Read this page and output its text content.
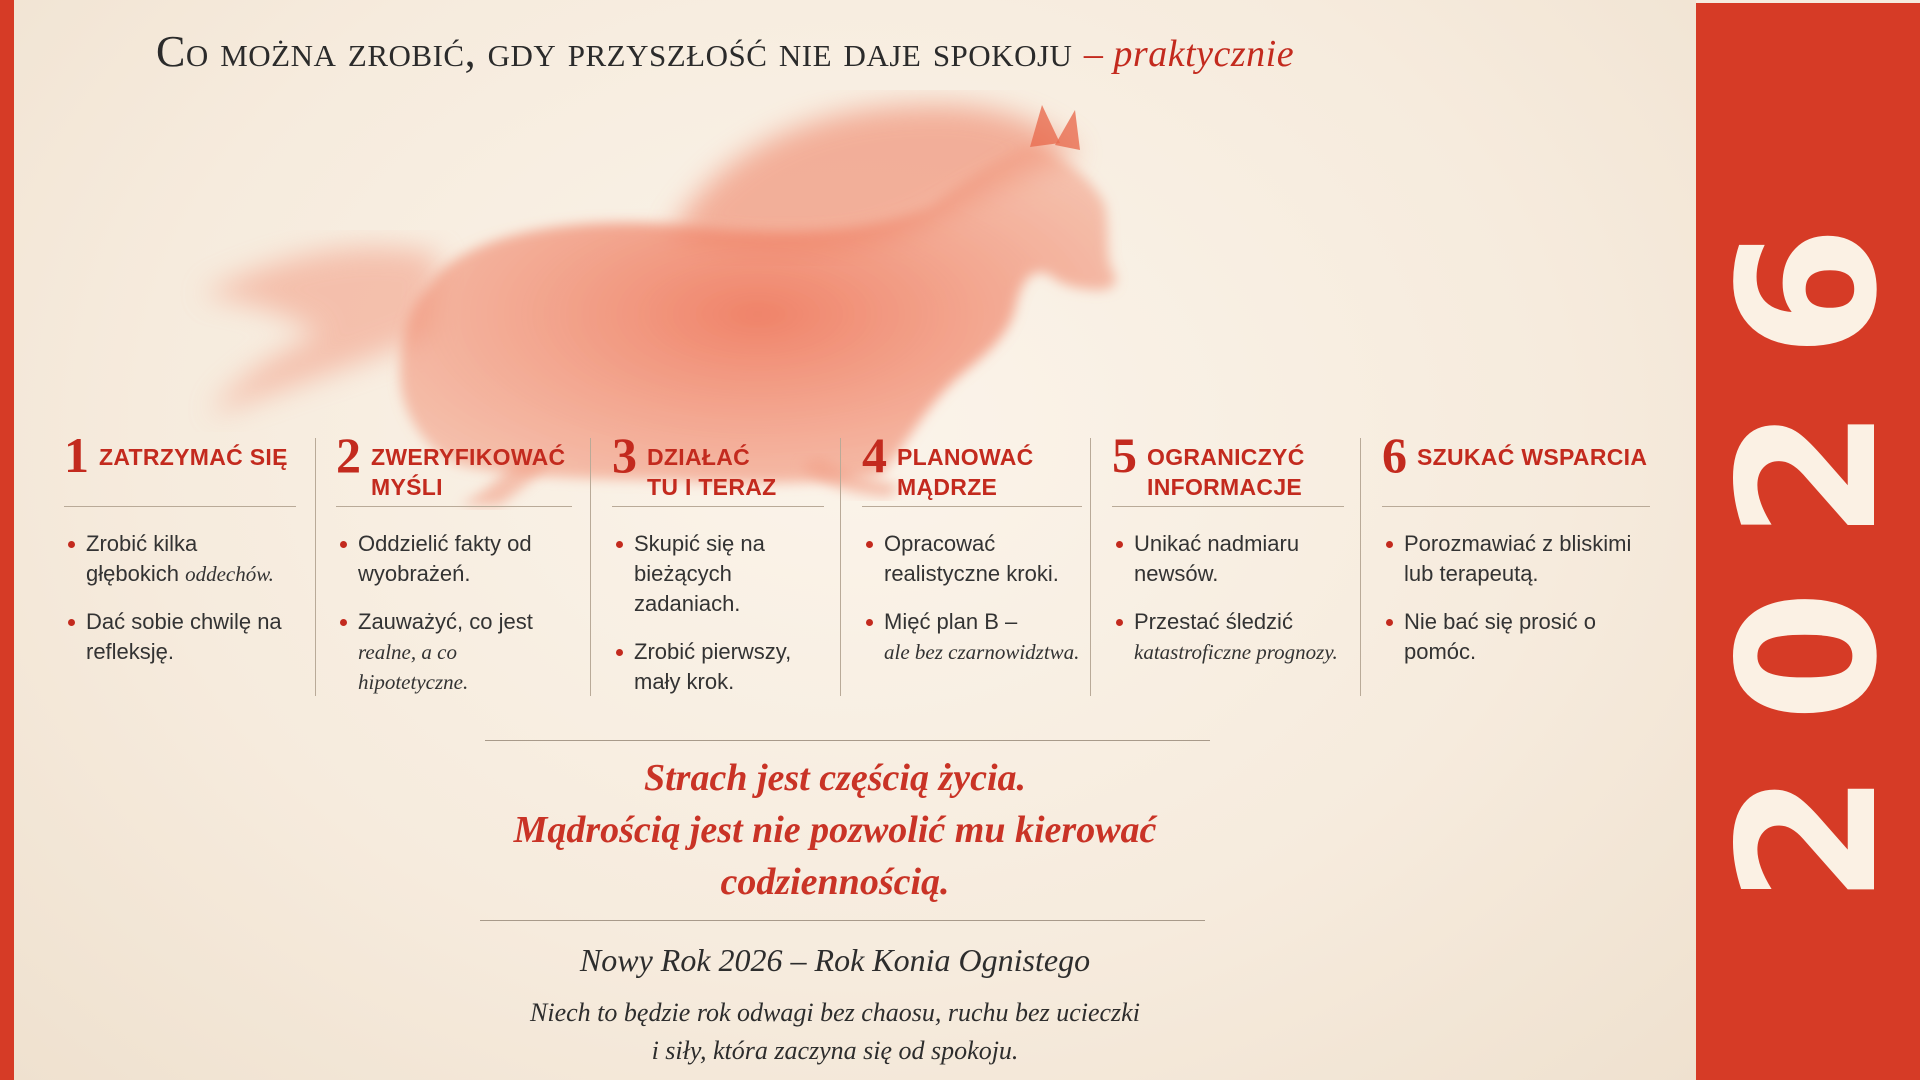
2026
Co można zrobić, gdy przyszłość nie daje spokoju – praktycznie
1 ZATRZYMAĆ SIĘ
Zrobić kilka
głębokich oddechów.
Dać sobie chwilę na refleksję.
2 ZWERYFIKOWAĆ
MYŚLI
Oddzielić fakty od wyobrażeń.
Zauważyć, co jest
realne, a co hipotetyczne.
3 DZIAŁAĆ
TU I TERAZ
Skupić się na bieżących zadaniach.
Zrobić pierwszy, mały krok.
4 PLANOWAĆ
MĄDRZE
Opracować realistyczne kroki.
Mięć plan B –
ale bez czarnowidztwa.
5 OGRANICZYĆ
INFORMACJE
Unikać nadmiaru newsów.
Przestać śledzić
katastroficzne prognozy.
6 SZUKAĆ WSPARCIA
Porozmawiać z bliskimi lub terapeutą.
Nie bać się prosić o pomóc.
Strach jest częścią życia.
Mądrością jest nie pozwolić mu kierować
codziennością.
Nowy Rok 2026 – Rok Konia Ognistego
Niech to będzie rok odwagi bez chaosu, ruchu bez ucieczki
i siły, która zaczyna się od spokoju.
